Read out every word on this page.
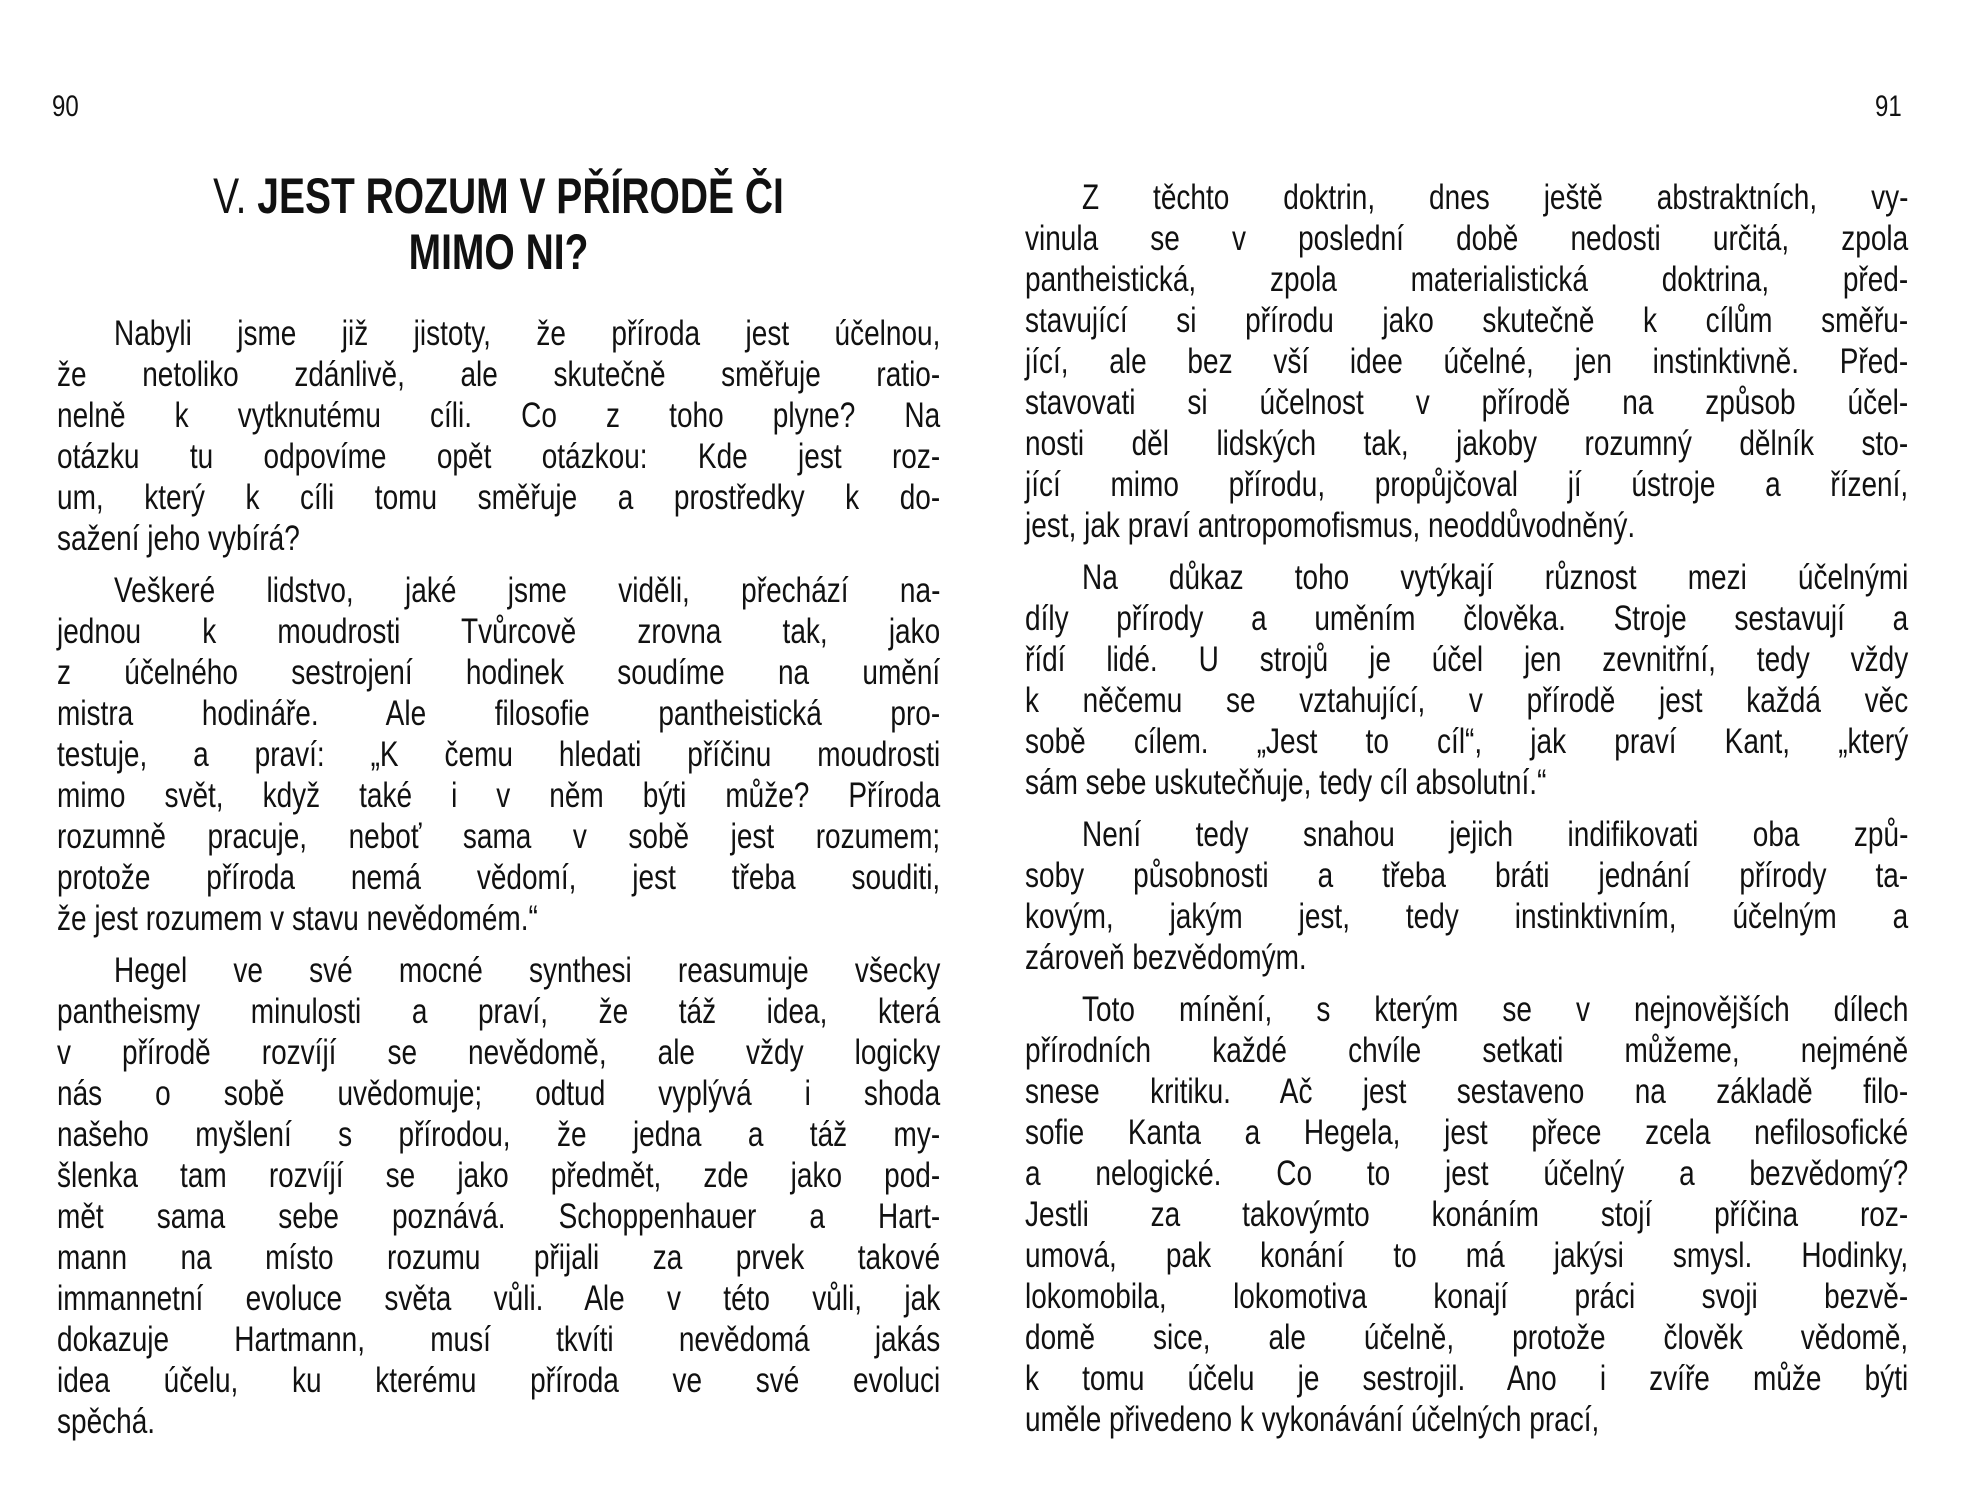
90
V. JEST ROZUM V PŘÍRODĚ ČI
MIMO NI?
Nabyli jsme již jistoty, že příroda jest účelnou,
že netoliko zdánlivě, ale skutečně směřuje ratio-
nelně k vytknutému cíli. Co z toho plyne? Na
otázku tu odpovíme opět otázkou: Kde jest roz-
um, který k cíli tomu směřuje a prostředky k do-
sažení jeho vybírá?
Veškeré lidstvo, jaké jsme viděli, přechází na-
jednou k moudrosti Tvůrcově zrovna tak, jako
z účelného sestrojení hodinek soudíme na umění
mistra hodináře. Ale filosofie pantheistická pro-
testuje, a praví: „K čemu hledati příčinu moudrosti
mimo svět, když také i v něm býti může? Příroda
rozumně pracuje, neboť sama v sobě jest rozumem;
protože příroda nemá vědomí, jest třeba souditi,
že jest rozumem v stavu nevědomém.“
Hegel ve své mocné synthesi reasumuje všecky
pantheismy minulosti a praví, že táž idea, která
v přírodě rozvíjí se nevědomě, ale vždy logicky
nás o sobě uvědomuje; odtud vyplývá i shoda
našeho myšlení s přírodou, že jedna a táž my-
šlenka tam rozvíjí se jako předmět, zde jako pod-
mět sama sebe poznává. Schoppenhauer a Hart-
mann na místo rozumu přijali za prvek takové
immannetní evoluce světa vůli. Ale v této vůli, jak
dokazuje Hartmann, musí tkvíti nevědomá jakás
idea účelu, ku kterému příroda ve své evoluci
spěchá.
91
Z těchto doktrin, dnes ještě abstraktních, vy-
vinula se v poslední době nedosti určitá, zpola
pantheistická, zpola materialistická doktrina, před-
stavující si přírodu jako skutečně k cílům směřu-
jící, ale bez vší idee účelné, jen instinktivně. Před-
stavovati si účelnost v přírodě na způsob účel-
nosti děl lidských tak, jakoby rozumný dělník sto-
jící mimo přírodu, propůjčoval jí ústroje a řízení,
jest, jak praví antropomofismus, neoddůvodněný.
Na důkaz toho vytýkají různost mezi účelnými
díly přírody a uměním člověka. Stroje sestavují a
řídí lidé. U strojů je účel jen zevnitřní, tedy vždy
k něčemu se vztahující, v přírodě jest každá věc
sobě cílem. „Jest to cíl“, jak praví Kant, „který
sám sebe uskutečňuje, tedy cíl absolutní.“
Není tedy snahou jejich indifikovati oba způ-
soby působnosti a třeba bráti jednání přírody ta-
kovým, jakým jest, tedy instinktivním, účelným a
zároveň bezvědomým.
Toto mínění, s kterým se v nejnovějších dílech
přírodních každé chvíle setkati můžeme, nejméně
snese kritiku. Ač jest sestaveno na základě filo-
sofie Kanta a Hegela, jest přece zcela nefilosofické
a nelogické. Co to jest účelný a bezvědomý?
Jestli za takovýmto konáním stojí příčina roz-
umová, pak konání to má jakýsi smysl. Hodinky,
lokomobila, lokomotiva konají práci svoji bezvě-
domě sice, ale účelně, protože člověk vědomě,
k tomu účelu je sestrojil. Ano i zvíře může býti
uměle přivedeno k vykonávání účelných prací,
